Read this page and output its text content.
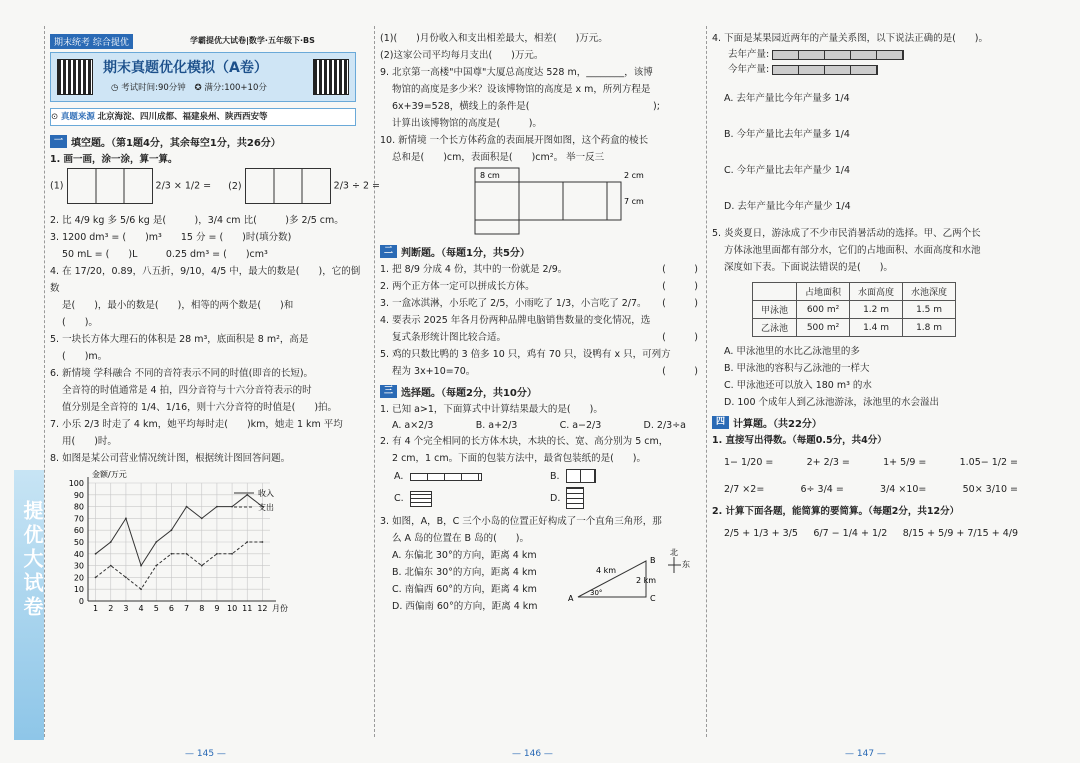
提优大试卷
期末统考 综合提优	学霸提优大试卷|数学·五年级下·BS
期末真题优化模拟（A卷）
◷ 考试时间:90分钟 ✪ 满分:100+10分
⊙ 真题来源 北京海淀、四川成都、福建泉州、陕西西安等
一 填空题。（第1题4分，其余每空1分，共26分）

1. 画一画，涂一涂，算一算。

(1)	2/3 × 1/2 = (2)	2/3 ÷ 2 =

2. 比 4/9 kg 多 5/6 kg 是(　　　)，3/4 cm 比(　　　)多 2/5 cm。

3. 1200 dm³ = (　　)m³　　15 分 = (　　)时(填分数)

50 mL = (　　)L　　　0.25 dm³ = (　　)cm³

4. 在 17/20，0.89，八五折，9/10，4/5 中，最大的数是(　　)，它的倒数

是(　　)，最小的数是(　　)，相等的两个数是(　　)和

(　　)。

5. 一块长方体大理石的体积是 28 m³，底面积是 8 m²，高是

(　　)m。

6. 新情境 学科融合 不同的音符表示不同的时值(即音的长短)。

全音符的时值通常是 4 拍，四分音符与十六分音符表示的时

值分别是全音符的 1/4、1/16，则十六分音符的时值是(　　)拍。

7. 小乐 2/3 时走了 4 km，她平均每时走(　　)km，她走 1 km 平均

用(　　)时。

8. 如图是某公司营业情况统计图，根据统计图回答问题。

0
10
20
30
40
50
60
70
80
90
100
1 2 3 4 5 6 7 8 9 10 11 12
金额/万元
月份
收入
支出
— 145 —

(1)(　　)月份收入和支出相差最大，相差(　　)万元。

(2)这家公司平均每月支出(　　)万元。

9. 北京第一高楼"中国尊"大厦总高度达 528 m，________，该博

物馆的高度是多少米？设该博物馆的高度是 x m，所列方程是

6x+39=528，横线上的条件是(　　　　　　　　　　　　　);

计算出该博物馆的高度是(　　　)。

10. 新情境 一个长方体药盒的表面展开图如图，这个药盒的棱长

总和是(　　)cm，表面积是(　　)cm²。 举一反三

8 cm	2 cm
7 cm
二 判断题。（每题1分，共5分）

1. 把 8/9 分成 4 份，其中的一份就是 2/9。	(　　　)

2. 两个正方体一定可以拼成长方体。	(　　　)

3. 一盒冰淇淋，小乐吃了 2/5，小雨吃了 1/3，小言吃了 2/7。 (　　　)

4. 要表示 2025 年各月份两种品牌电脑销售数量的变化情况，选

复式条形统计图比较合适。	(　　　)

5. 鸡的只数比鸭的 3 倍多 10 只，鸡有 70 只，设鸭有 x 只，可列方

程为 3x+10=70。	(　　　)

三 选择题。（每题2分，共10分）

1. 已知 a>1，下面算式中计算结果最大的是(　　)。

A. a×2/3	B. a+2/3	C. a−2/3	D. 2/3÷a

2. 有 4 个完全相同的长方体木块，木块的长、宽、高分别为 5 cm，

2 cm，1 cm。下面的包装方法中，最省包装纸的是(　　)。

A.	B.
C.	D.

3. 如图，A，B，C 三个小岛的位置正好构成了一个直角三角形，那

么 A 岛的位置在 B 岛的(　　)。

A. 东偏北 30°的方向，距离 4 km

B. 北偏东 30°的方向，距离 4 km

C. 南偏西 60°的方向，距离 4 km

D. 西偏南 60°的方向，距离 4 km

A
B
C
4 km
2 km
30°
北
东
— 146 —

4. 下面是某果园近两年的产量关系图，以下说法正确的是(　　)。

去年产量:
今年产量:

A. 去年产量比今年产量多 1/4

B. 今年产量比去年产量多 1/4

C. 今年产量比去年产量少 1/4

D. 去年产量比今年产量少 1/4

5. 炎炎夏日，游泳成了不少市民消暑活动的选择。甲、乙两个长

方体泳池里面都有部分水，它们的占地面积、水面高度和水池

深度如下表。下面说法错误的是(　　)。

	占地面积	水面高度	水池深度
甲泳池	600 m²	1.2 m	1.5 m
乙泳池	500 m²	1.4 m	1.8 m

A. 甲泳池里的水比乙泳池里的多

B. 甲泳池的容积与乙泳池的一样大

C. 甲泳池还可以放入 180 m³ 的水

D. 100 个成年人到乙泳池游泳，泳池里的水会溢出

四 计算题。（共22分）

1. 直接写出得数。（每题0.5分，共4分）

1− 1/20 =	2+ 2/3 =	1+ 5/9 =	1.05− 1/2 =
2/7 ×2=	6÷ 3/4 =	3/4 ×10=	50× 3/10 =

2. 计算下面各题，能简算的要简算。（每题2分，共12分）

2/5 + 1/3 + 3/5 6/7 − 1/4 + 1/2 8/15 + 5/9 + 7/15 + 4/9
— 147 —
